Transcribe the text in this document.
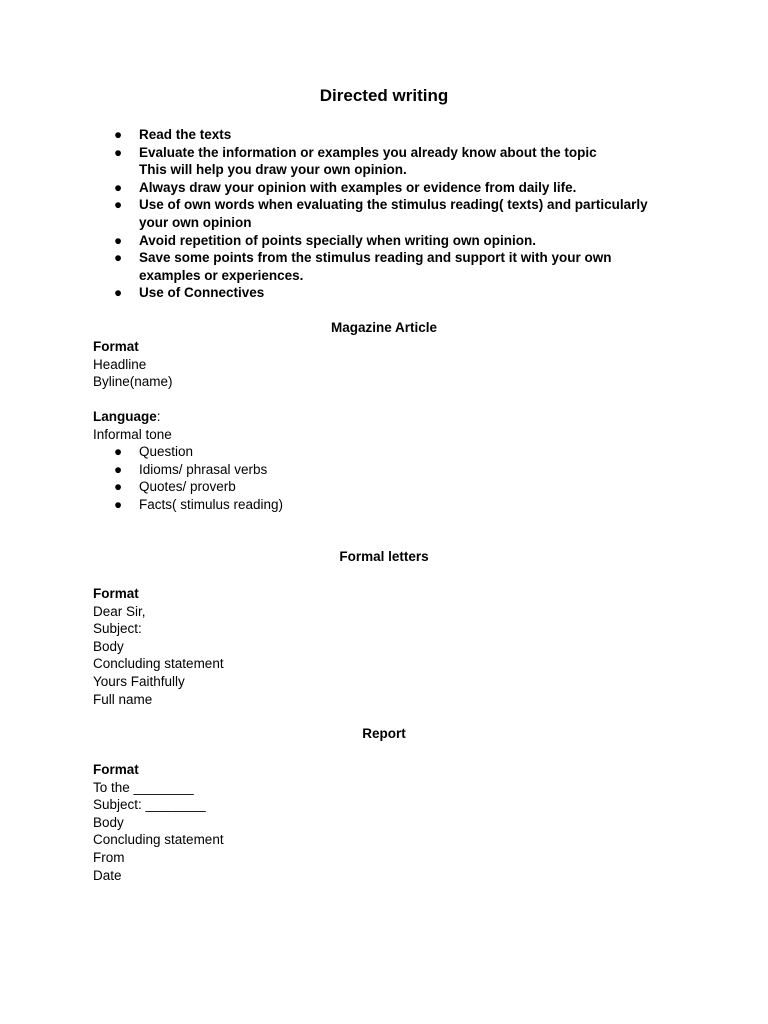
Directed writing
● Read the texts
● Evaluate the information or examples you already know about the topic
This will help you draw your own opinion.
● Always draw your opinion with examples or evidence from daily life.
● Use of own words when evaluating the stimulus reading( texts) and particularly
your own opinion
● Avoid repetition of points specially when writing own opinion.
● Save some points from the stimulus reading and support it with your own
examples or experiences.
● Use of Connectives
Magazine Article
Format
Headline
Byline(name)
Language:
Informal tone
● Question
● Idioms/ phrasal verbs
● Quotes/ proverb
● Facts( stimulus reading)
Formal letters
Format
Dear Sir,
Subject:
Body
Concluding statement
Yours Faithfully
Full name
Report
Format
To the ________
Subject: ________
Body
Concluding statement
From
Date
